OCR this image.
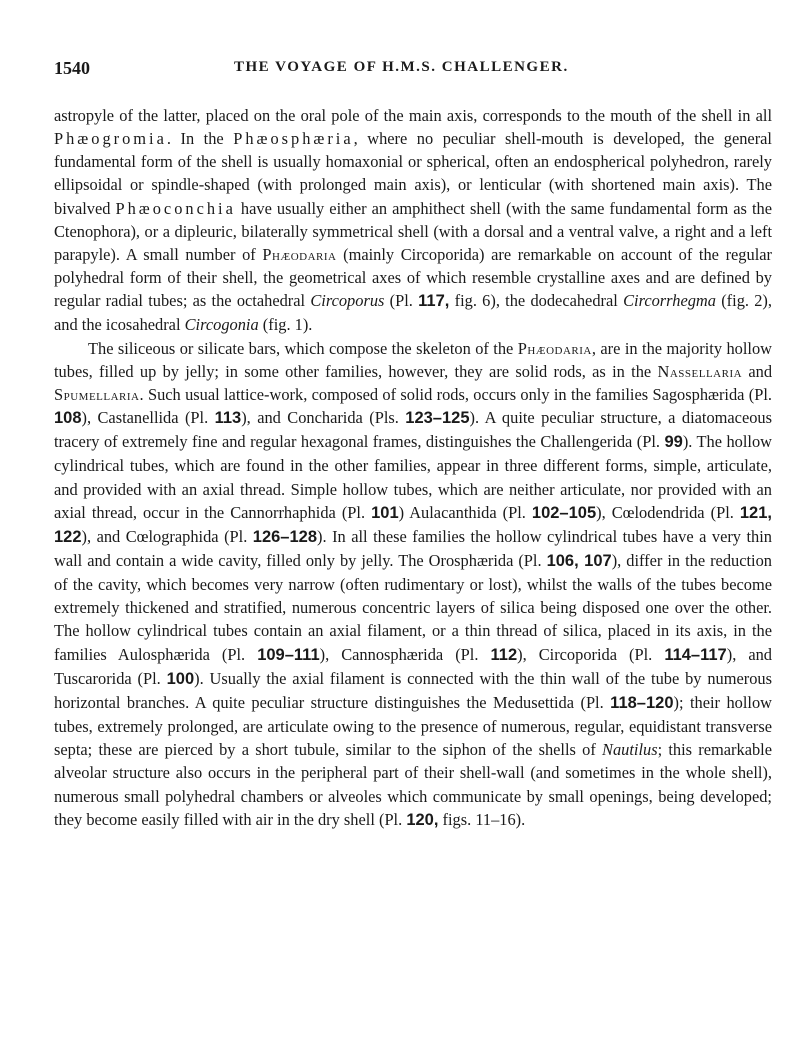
1540	THE VOYAGE OF H.M.S. CHALLENGER.

astropyle of the latter, placed on the oral pole of the main axis, corresponds to the mouth of the shell in all Phæogromia. In the Phæosphæria, where no peculiar shell-mouth is developed, the general fundamental form of the shell is usually homaxonial or spherical, often an endospherical polyhedron, rarely ellipsoidal or spindle-shaped (with prolonged main axis), or lenticular (with shortened main axis). The bivalved Phæoconchia have usually either an amphithect shell (with the same fundamental form as the Ctenophora), or a dipleuric, bilaterally symmetrical shell (with a dorsal and a ventral valve, a right and a left parapyle). A small number of Phæodaria (mainly Circoporida) are remarkable on account of the regular polyhedral form of their shell, the geometrical axes of which resemble crystalline axes and are defined by regular radial tubes; as the octahedral Circoporus (Pl. 117, fig. 6), the dodecahedral Circorrhegma (fig. 2), and the icosahedral Circogonia (fig. 1).

The siliceous or silicate bars, which compose the skeleton of the Phæodaria, are in the majority hollow tubes, filled up by jelly; in some other families, however, they are solid rods, as in the Nassellaria and Spumellaria. Such usual lattice-work, composed of solid rods, occurs only in the families Sagosphærida (Pl. 108), Castanellida (Pl. 113), and Concharida (Pls. 123–125). A quite peculiar structure, a diatomaceous tracery of extremely fine and regular hexagonal frames, distinguishes the Challengerida (Pl. 99). The hollow cylindrical tubes, which are found in the other families, appear in three different forms, simple, articulate, and provided with an axial thread. Simple hollow tubes, which are neither articulate, nor provided with an axial thread, occur in the Cannorrhaphida (Pl. 101) Aulacanthida (Pl. 102–105), Cœlodendrida (Pl. 121, 122), and Cœlographida (Pl. 126–128). In all these families the hollow cylindrical tubes have a very thin wall and contain a wide cavity, filled only by jelly. The Orosphærida (Pl. 106, 107), differ in the reduction of the cavity, which becomes very narrow (often rudimentary or lost), whilst the walls of the tubes become extremely thickened and stratified, numerous concentric layers of silica being disposed one over the other. The hollow cylindrical tubes contain an axial filament, or a thin thread of silica, placed in its axis, in the families Aulosphærida (Pl. 109–111), Cannosphærida (Pl. 112), Circoporida (Pl. 114–117), and Tuscarorida (Pl. 100). Usually the axial filament is connected with the thin wall of the tube by numerous horizontal branches. A quite peculiar structure distinguishes the Medusettida (Pl. 118–120); their hollow tubes, extremely prolonged, are articulate owing to the presence of numerous, regular, equidistant transverse septa; these are pierced by a short tubule, similar to the siphon of the shells of Nautilus; this remarkable alveolar structure also occurs in the peripheral part of their shell-wall (and sometimes in the whole shell), numerous small polyhedral chambers or alveoles which communicate by small openings, being developed; they become easily filled with air in the dry shell (Pl. 120, figs. 11–16).
